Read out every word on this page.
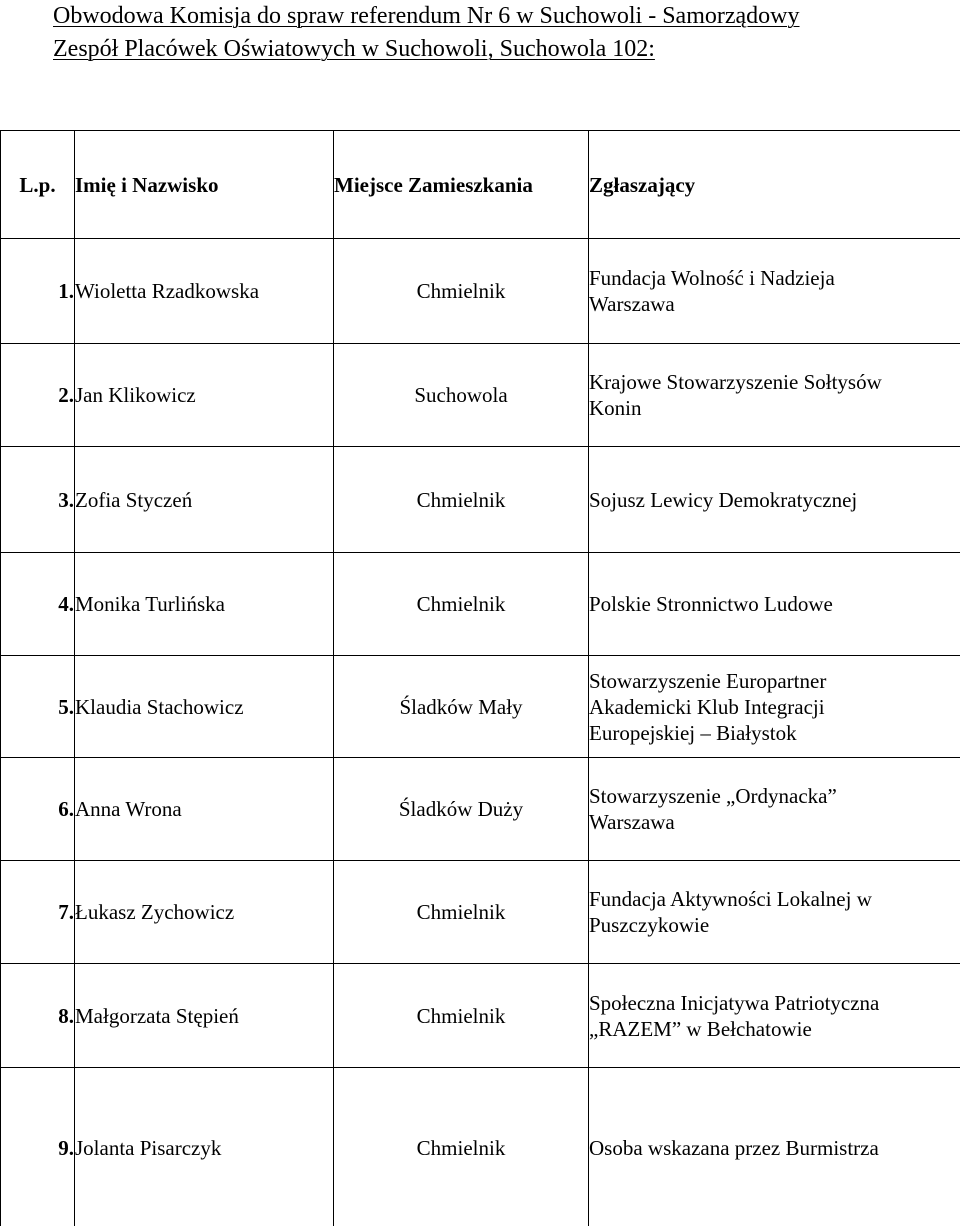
Obwodowa Komisja do spraw referendum Nr 6 w Suchowoli - Samorządowy
Zespół Placówek Oświatowych w Suchowoli, Suchowola 102:
L.p.	Imię i Nazwisko	Miejsce Zamieszkania	Zgłaszający
1.	Wioletta Rzadkowska	Chmielnik	Fundacja Wolność i Nadzieja
Warszawa

2.	Jan Klikowicz	Suchowola	Krajowe Stowarzyszenie Sołtysów
Konin

3.	Zofia Styczeń	Chmielnik	Sojusz Lewicy Demokratycznej

4.	Monika Turlińska	Chmielnik	Polskie Stronnictwo Ludowe

5.	Klaudia Stachowicz	Śladków Mały	Stowarzyszenie Europartner
Akademicki Klub Integracji
Europejskiej – Białystok

6.	Anna Wrona	Śladków Duży	Stowarzyszenie „Ordynacka”
Warszawa

7.	Łukasz Zychowicz	Chmielnik	Fundacja Aktywności Lokalnej w
Puszczykowie

8.	Małgorzata Stępień	Chmielnik	Społeczna Inicjatywa Patriotyczna
„RAZEM” w Bełchatowie

9.	Jolanta Pisarczyk	Chmielnik	Osoba wskazana przez Burmistrza
